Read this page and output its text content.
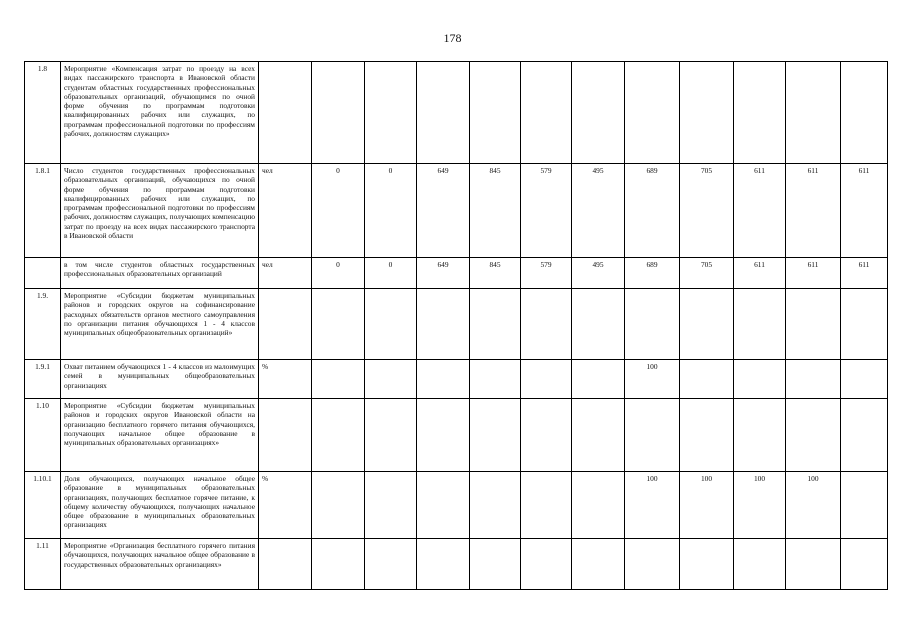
178
1.8	Мероприятие «Компенсация затрат по проезду на всех видах пассажирского транспорта в Ивановской области студентам областных государственных профессиональных образовательных организаций, обучающимся по очной форме обучения по программам подготовки квалифицированных рабочих или служащих, по программам профессиональной подготовки по профессиям рабочих, должностям служащих»												
1.8.1	Число студентов государственных профессиональных образовательных организаций, обучающихся по очной форме обучения по программам подготовки квалифицированных рабочих или служащих, по программам профессиональной подготовки по профессиям рабочих, должностям служащих, получающих компенсацию затрат по проезду на всех видах пассажирского транспорта в Ивановской области	чел	0	0	649	845	579	495	689	705	611	611	611
	в том числе студентов областных государственных профессиональных образовательных организаций	чел	0	0	649	845	579	495	689	705	611	611	611
1.9.	Мероприятие «Субсидии бюджетам муниципальных районов и городских округов на софинансирование расходных обязательств органов местного самоуправления по организации питания обучающихся 1 - 4 классов муниципальных общеобразовательных организаций»												
1.9.1	Охват питанием обучающихся 1 - 4 классов из малоимущих семей в муниципальных общеобразовательных организациях	%							100				
1.10	Мероприятие «Субсидии бюджетам муниципальных районов и городских округов Ивановской области на организацию бесплатного горячего питания обучающихся, получающих начальное общее образование в муниципальных образовательных организациях»												
1.10.1	Доля обучающихся, получающих начальное общее образование в муниципальных образовательных организациях, получающих бесплатное горячее питание, к общему количеству обучающихся, получающих начальное общее образование в муниципальных образовательных организациях	%							100	100	100	100	
1.11	Мероприятие «Организация бесплатного горячего питания обучающихся, получающих начальное общее образование в государственных образовательных организациях»												
